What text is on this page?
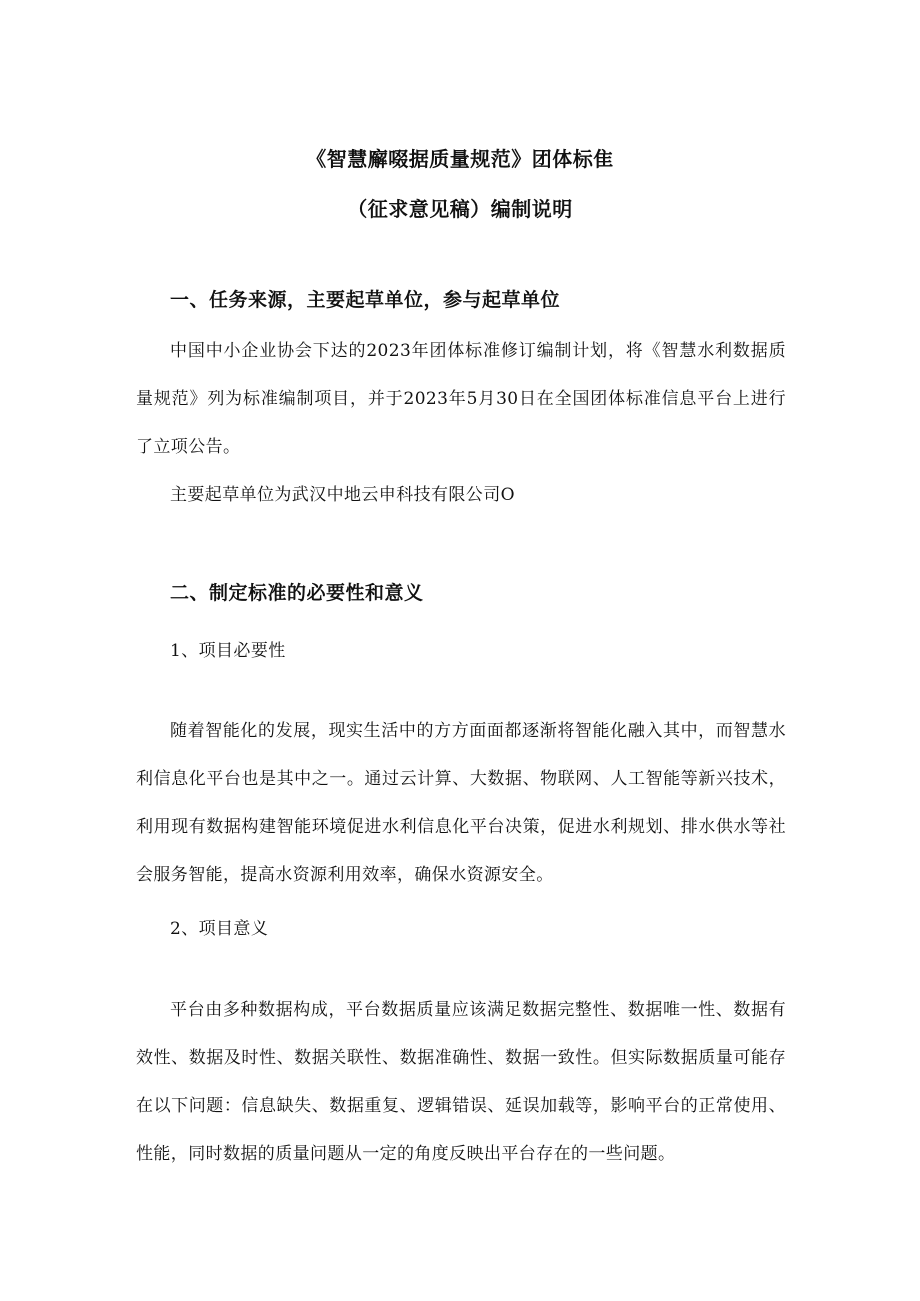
《智慧廨啜据质量规范》团体标隹
（征求意见稿）编制说明
一、任务来源，主要起草单位，参与起草单位
中国中小企业协会下达的2023年团体标准修订编制计划，将《智慧水利数据质量规范》列为标准编制项目，并于2023年5月30日在全国团体标准信息平台上进行了立项公告。
主要起草单位为武汉中地云申科技有限公司O
二、制定标准的必要性和意义
1、项目必要性
随着智能化的发展，现实生活中的方方面面都逐渐将智能化融入其中，而智慧水利信息化平台也是其中之一。通过云计算、大数据、物联网、人工智能等新兴技术，利用现有数据构建智能环境促进水利信息化平台决策，促进水利规划、排水供水等社会服务智能，提高水资源利用效率，确保水资源安全。
2、项目意义
平台由多种数据构成，平台数据质量应该满足数据完整性、数据唯一性、数据有效性、数据及时性、数据关联性、数据准确性、数据一致性。但实际数据质量可能存在以下问题：信息缺失、数据重复、逻辑错误、延误加载等，影响平台的正常使用、性能，同时数据的质量问题从一定的角度反映出平台存在的一些问题。
